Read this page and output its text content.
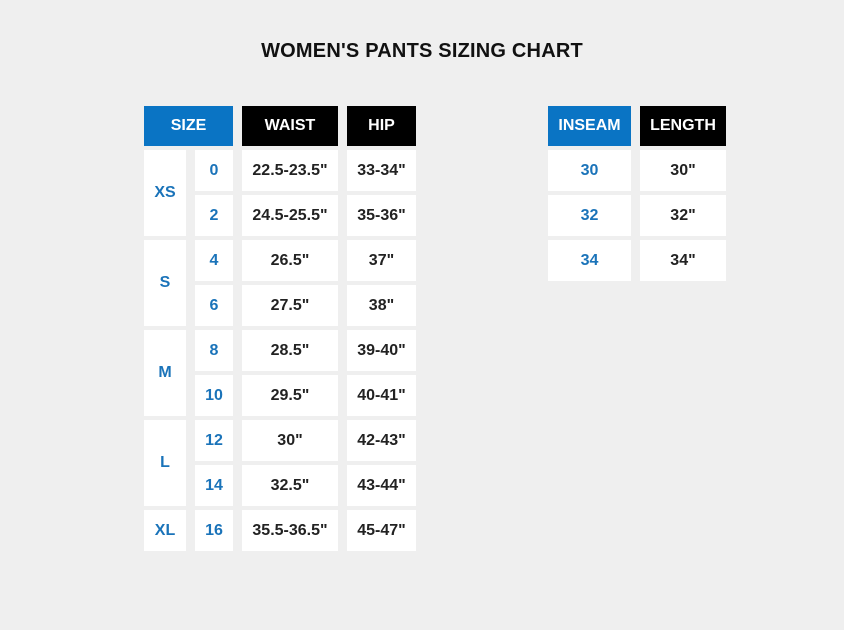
WOMEN'S PANTS SIZING CHART
SIZE	WAIST	HIP
XS
0	22.5-23.5"	33-34"
2	24.5-25.5"	35-36"
S
4	26.5"	37"
6	27.5"	38"
M
8	28.5"	39-40"
10	29.5"	40-41"
L
12	30"	42-43"
14	32.5"	43-44"
XL	16	35.5-36.5"	45-47"
INSEAM	LENGTH
30	30"
32	32"
34	34"
